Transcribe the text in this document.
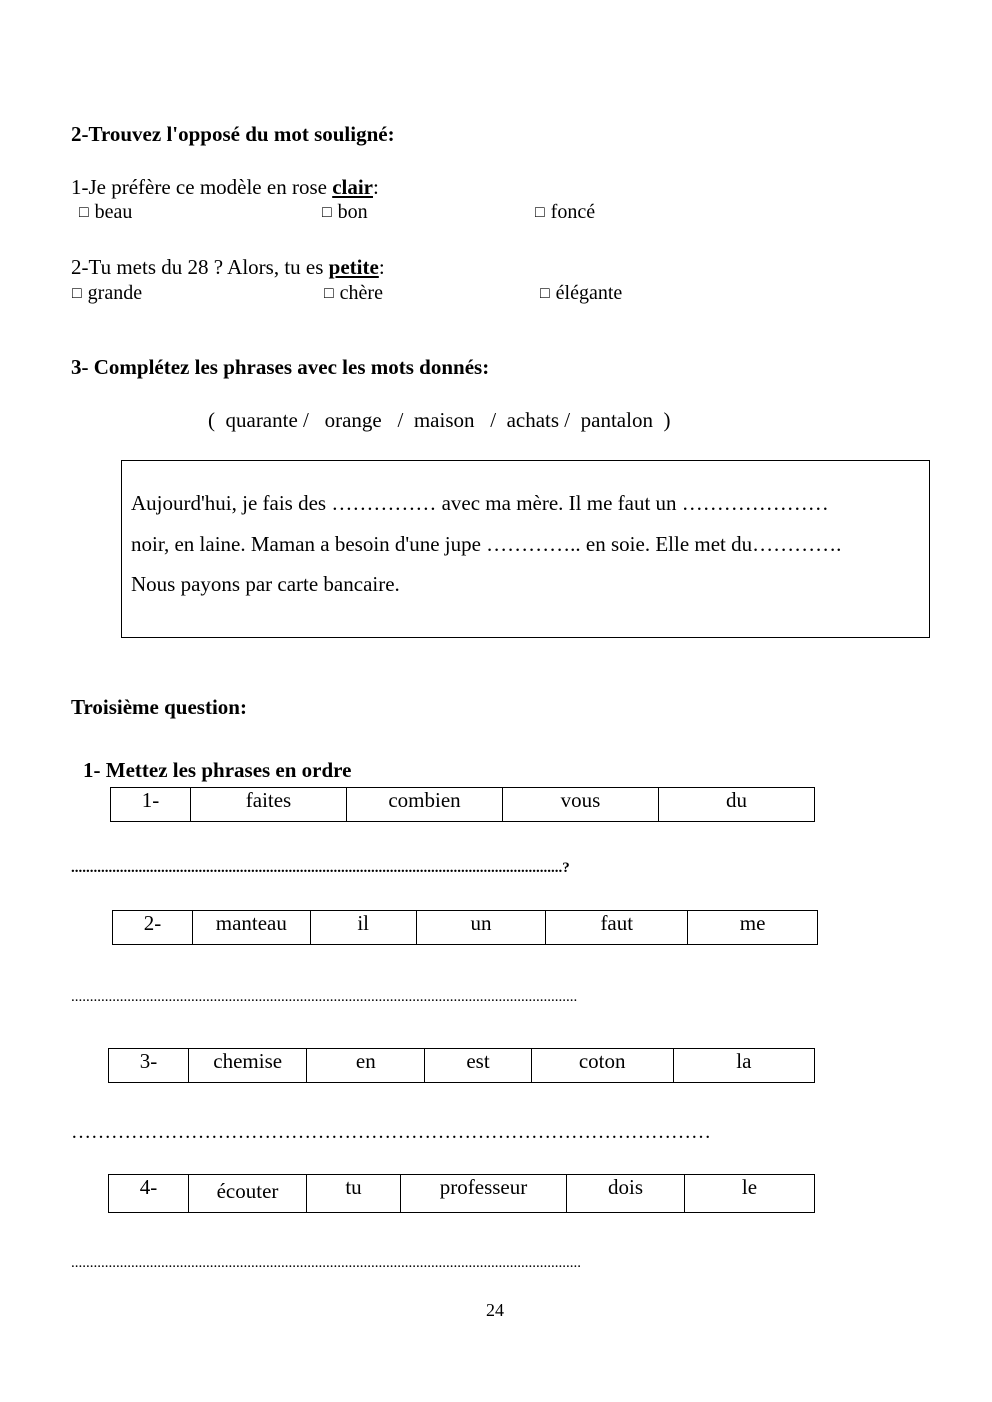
2-Trouvez l'opposé du mot souligné:
1-Je préfère ce modèle en rose clair:
□ beau	□ bon	□ foncé
2-Tu mets du 28 ? Alors, tu es petite:
□ grande	□ chère	□ élégante
3- Complétez les phrases avec les mots donnés:
(  quarante /   orange   /  maison   /  achats /  pantalon  )
Aujourd'hui, je fais des …………… avec ma mère. Il me faut un …………………
noir, en laine. Maman a besoin d'une jupe ………….. en soie. Elle met du………….
Nous payons par carte bancaire.
Troisième question:
1- Mettez les phrases en ordre
1-	faites	combien	vous	du
...................................................................................................................................?
2-	manteau	il	un	faut	me
.......................................................................................................................................
3-	chemise	en	est	coton	la
……………………………………………………………………………………
4-	écouter	tu	professeur	dois	le
........................................................................................................................................
24
